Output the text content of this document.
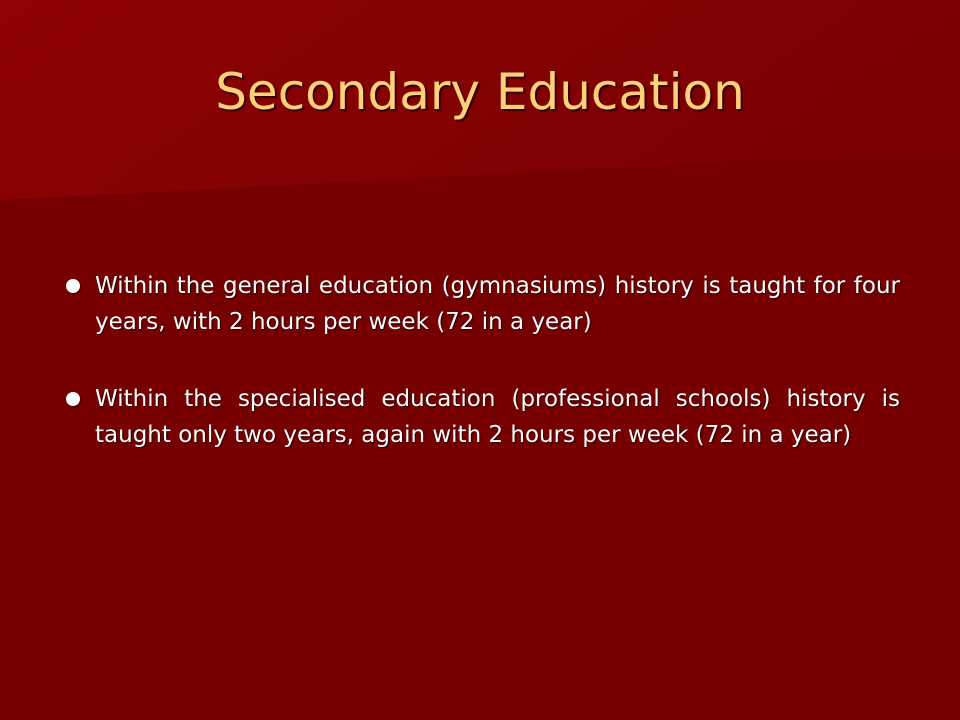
Secondary Education
Within the general education (gymnasiums) history is taught for four years, with 2 hours per week (72 in a year)
Within the specialised education (professional schools) history is taught only two years, again with 2 hours per week (72 in a year)
